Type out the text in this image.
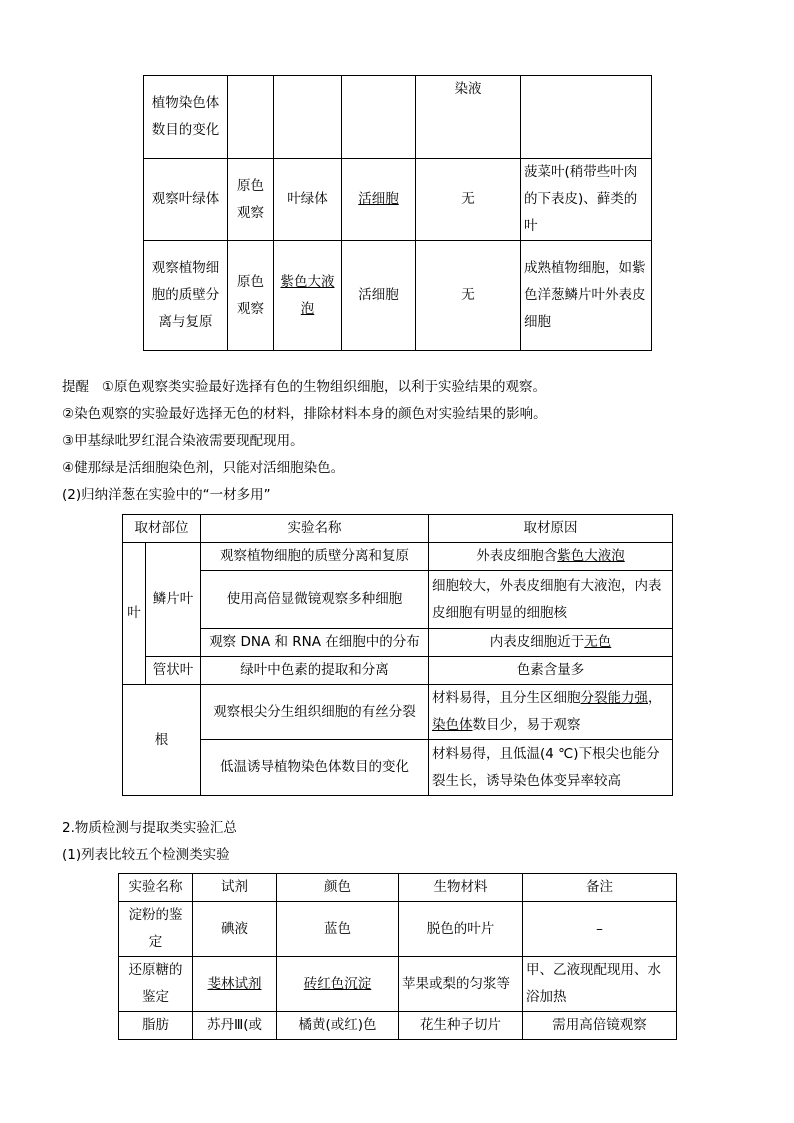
植物染色体数目的变化				染液	
观察叶绿体	原色观察	叶绿体	活细胞	无	菠菜叶(稍带些叶肉的下表皮)、藓类的叶
观察植物细胞的质壁分离与复原	原色观察	紫色大液泡	活细胞	无	成熟植物细胞，如紫色洋葱鳞片叶外表皮细胞
提醒 ①原色观察类实验最好选择有色的生物组织细胞，以利于实验结果的观察。
②染色观察的实验最好选择无色的材料，排除材料本身的颜色对实验结果的影响。
③甲基绿吡罗红混合染液需要现配现用。
④健那绿是活细胞染色剂，只能对活细胞染色。
(2)归纳洋葱在实验中的“一材多用”
取材部位		实验名称	取材原因
叶	鳞片叶	观察植物细胞的质壁分离和复原	外表皮细胞含紫色大液泡
		使用高倍显微镜观察多种细胞	细胞较大，外表皮细胞有大液泡，内表皮细胞有明显的细胞核
		观察 DNA 和 RNA 在细胞中的分布	内表皮细胞近于无色
	管状叶	绿叶中色素的提取和分离	色素含量多
根		观察根尖分生组织细胞的有丝分裂	材料易得，且分生区细胞分裂能力强，染色体数目少，易于观察
		低温诱导植物染色体数目的变化	材料易得，且低温(4 ℃)下根尖也能分裂生长，诱导染色体变异率较高
2.物质检测与提取类实验汇总
(1)列表比较五个检测类实验
实验名称	试剂	颜色	生物材料	备注
淀粉的鉴定	碘液	蓝色	脱色的叶片	–
还原糖的鉴定	斐林试剂	砖红色沉淀	苹果或梨的匀浆等	甲、乙液现配现用、水浴加热
脂肪	苏丹Ⅲ(或	橘黄(或红)色	花生种子切片	需用高倍镜观察
